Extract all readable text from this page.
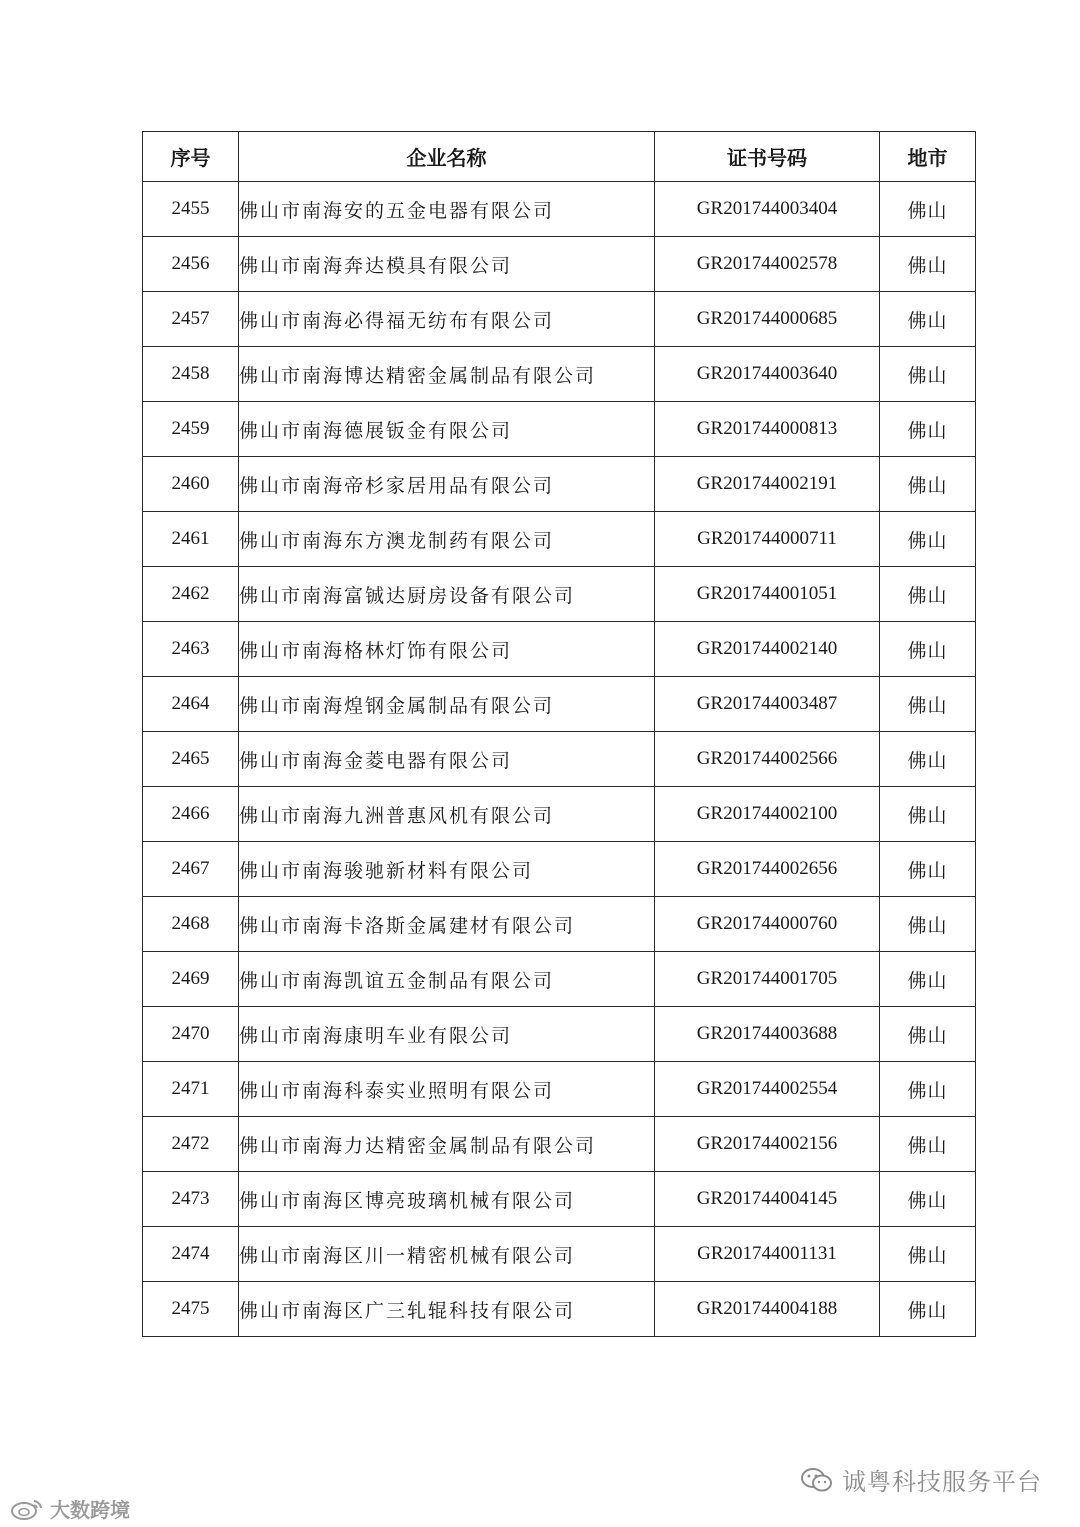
序号	企业名称	证书号码	地市
2455	佛山市南海安的五金电器有限公司	GR201744003404	佛山
2456	佛山市南海奔达模具有限公司	GR201744002578	佛山
2457	佛山市南海必得福无纺布有限公司	GR201744000685	佛山
2458	佛山市南海博达精密金属制品有限公司	GR201744003640	佛山
2459	佛山市南海德展钣金有限公司	GR201744000813	佛山
2460	佛山市南海帝杉家居用品有限公司	GR201744002191	佛山
2461	佛山市南海东方澳龙制药有限公司	GR201744000711	佛山
2462	佛山市南海富铖达厨房设备有限公司	GR201744001051	佛山
2463	佛山市南海格林灯饰有限公司	GR201744002140	佛山
2464	佛山市南海煌钢金属制品有限公司	GR201744003487	佛山
2465	佛山市南海金菱电器有限公司	GR201744002566	佛山
2466	佛山市南海九洲普惠风机有限公司	GR201744002100	佛山
2467	佛山市南海骏驰新材料有限公司	GR201744002656	佛山
2468	佛山市南海卡洛斯金属建材有限公司	GR201744000760	佛山
2469	佛山市南海凯谊五金制品有限公司	GR201744001705	佛山
2470	佛山市南海康明车业有限公司	GR201744003688	佛山
2471	佛山市南海科泰实业照明有限公司	GR201744002554	佛山
2472	佛山市南海力达精密金属制品有限公司	GR201744002156	佛山
2473	佛山市南海区博亮玻璃机械有限公司	GR201744004145	佛山
2474	佛山市南海区川一精密机械有限公司	GR201744001131	佛山
2475	佛山市南海区广三轧辊科技有限公司	GR201744004188	佛山
诚粤科技服务平台
大数跨境
